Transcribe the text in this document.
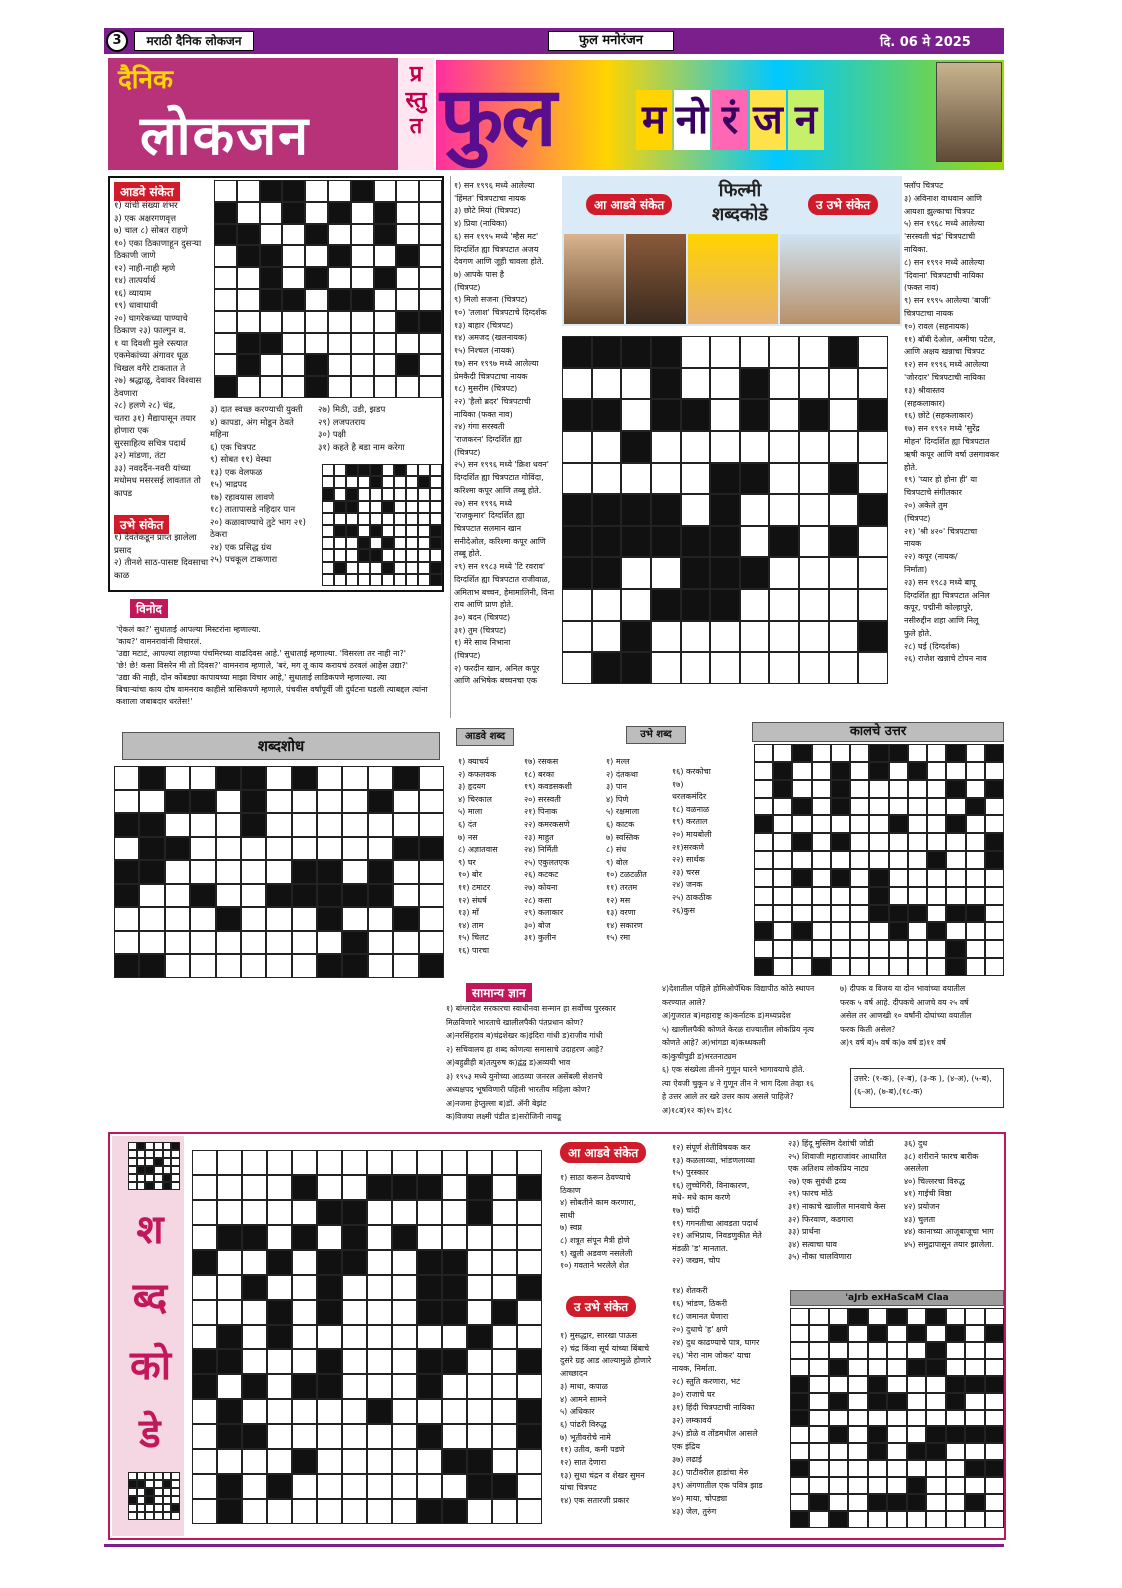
3	मराठी दैनिक लोकजन	फुल मनोरंजन	दि. 06 मे 2025
दैनिक
लोकजन
प्र
स्तु
त फुल म नो रं ज न
आडवे संकेत
१) यांची संख्या शंभर
३) एक अक्षरगणवृत्त
७) चाल ८) सोबत राहणे
१०) एका ठिकाणाहून दुसऱ्या ठिकाणी जाणे
१२) नाही-नाही म्हणे
१४) तात्पर्यार्थ
१६) व्यायाम
१९) धावाधावी
२०) घागरेकच्या पाण्याचे ठिकाण २३) फाल्गुन व.
१ या दिवशी मुले रस्त्यात एकमेकांच्या अंगावर धूळ चिखल वगैरे टाकतात ते
२७) श्रद्धाळू, देवावर विश्वास ठेवणारा
२८) हलणे २८) चंद्र,
चतरा ३१) मैद्यापासून तयार होणारा एक
सुरसाहित्य सचित्र पदार्थ
३२) मांडणा, तंटा
३३) नवदर्दैन-नवरी यांच्या मधोमध मसरसई लावतात तो कापड
उभे संकेत
१) देवतेकडून प्राप्त झालेला प्रसाद
२) तीनशे साठ-पासष्ट दिवसाचा काळ
३) दात स्वच्छ करण्याची युक्ती
४) कापडा, अंग मोडून ठेवते
महिना
६) एक चित्रपट
९) सोबत ११) वेस्था
१३) एक वेलफळ
१५) भाद्रपद
१७) रहावयास लावणे
१८) तातापासडे नहिदार पान
२०) कळावाण्याचे तुटे भाग २१)
ठेकरा
२४) एक प्रसिद्ध ग्रंथ
२५) पचकूल टाकणारा
२७) मिठी, उडी, झडप
२९) लजपतराय
३०) पक्षी
३१) कहते है बडा नाम करेगा
विनोद
'ऐकलं का?' सुधाताई आपल्या मिस्टरांना म्हणाल्या.
'काय?' वामनरावांनी विचारलं.
'उद्या मटाटं, आपल्या लहाण्या पंचमिरच्या वाढदिवस आहे.' सुधाताई म्हणाल्या. 'विसरला तर नाही ना?'
'छे! छे! कसा विसरेन मी तो दिवस?' वामनराव म्हणाले, 'बरं, मग तू काय करायचं ठरवलं आहेस उद्या?'
'उद्या की नाही, दोन कोंबड्या कापायच्या माझा विचार आहे,' सुधाताई लाडिकपणे म्हणाल्या. त्या
बिचाऱ्यांचा काय दोष वामनराव काहीसे त्रासिकपणे म्हणाले, पंचवीस वर्षांपूर्वी जी दुर्घटना घडली त्याबद्दल त्यांना
कशाला जबाबदार धरतेस!'
१) सन १९९६ मध्ये आलेल्या
'हिंमत' चित्रपटाचा नायक
३) छोटे मियां (चित्रपट)
४) प्रिया (नायिका)
६) सन १९९५ मध्ये 'म्हैस मट'
दिग्दर्शित ह्या चित्रपटात अजय
देवगण आणि जूही चावला होते.
७) आपके पास है
(चित्रपट)
९) मिलो सजना (चित्रपट)
१०) 'तलाश' चित्रपटाचे दिग्दर्शक
१३) बाहार (चित्रपट)
१४) अमजद (खलनायक)
१५) निश्चल (नायक)
१७) सन १९९७ मध्ये आलेल्या
प्रेमकैदी चित्रपटाचा नायक
१८) मुसरीम (चित्रपट)
२२) 'हैलो ब्रदर' चित्रपटाची
नायिका (फक्त नाव)
२४) गंगा सरस्वती
'राजकरन' दिग्दर्शित ह्या
(चित्रपट)
२५) सन १९९६ मध्ये 'क्रिश धवन'
दिग्दर्शित ह्या चित्रपटात गोविंदा,
करिश्मा कपूर आणि तब्बू होते.
२७) सन १९९६ मध्ये
'राजकुमार' दिग्दर्शित ह्या
चित्रपटात सलमान खान
सनीदेओल, करिश्मा कपूर आणि
तब्बू होते.
२९) सन १९८३ मध्ये 'टि रवराव'
दिग्दर्शित ह्या चित्रपटात राजीवाळ,
अमिताभ बच्चन, हेमामालिनी, विना
राय आणि प्राण होते.
३०) बदन (चित्रपट)
३१) तुम (चित्रपट)
१) मेरे साथ निभाना
(चित्रपट)
२) फरदीन खान, अनिल कपूर
आणि अभिषेक बच्चनचा एक
फ्लॉप चित्रपट
३) अविनाश वाधवान आणि
आयशा झुल्काचा चित्रपट
५) सन १९६८ मध्ये आलेल्या
'सरस्वती चंद्र' चित्रपटाची
नायिका.
८) सन १९९२ मध्ये आलेल्या
'दिवाना' चित्रपटाची नायिका
(फक्त नाव)
९) सन १९९५ आलेल्या 'बाजी'
चित्रपटाचा नायक
१०) रावल (सहनायक)
११) बॉबी देओल, अमीषा पटेल,
आणि अक्षय खन्नाचा चित्रपट
१२) सन १९९६ मध्ये आलेल्या
'जोरदार' चित्रपटाची नायिका
१३) श्रीवास्तव
(सहकलाकार)
१६) छोटे (सहकलाकार)
१७) सन १९९२ मध्ये 'सुरेंद्र
मोहन' दिग्दर्शित ह्या चित्रपटात
ऋषी कपूर आणि वर्षा उसगावकर
होते.
१९) 'प्यार हो होना ही' या
चित्रपटाचे संगीतकार
२०) अकेले तुम
(चित्रपट)
२१) 'श्री ४२०' चित्रपटाचा
नायक
२२) कपूर (नायक/
निर्माता)
२३) सन १९८३ मध्ये बापू
दिग्दर्शित ह्या चित्रपटात अनिल
कपूर, पद्मीनी कोल्हापुरे,
नसीरुद्दीन शहा आणि निलू
फुले होते.
२८) घई (दिग्दर्शक)
२६) राजेश खन्नाचे टोपन नाव
फिल्मी शब्दकोडे
आ आडवे संकेत	उ उभे संकेत
शब्दशोध
आडवे शब्द	उभे शब्द
१) क्याचर्य
२) कफलवक
३) हृदयग
४) चिरकाल
५) माला
६) दंत
७) नस
८) अज्ञातवास
९) घर
१०) बोर
११) टमाटर
१२) संघर्ष
१३) माँ
१४) ताम
१५) चिलट
१६) पारचा
१७) रसकस
१८) बरका
१९) कवडसकशी
२०) सरस्वती
२१) पिनाक
२२) कमरकसणे
२३) माहुत
२४) निर्मिती
२५) एकुलतएक
२६) कटकट
२७) कोयना
२८) कसा
२९) कलाकार
३०) बोज
३१) कुलीन
१) मल्ल
२) दंतकथा
३) पान
४) पिणे
५) रक्षमाला
६) काटक
७) स्वस्तिक
८) संध
९) बोल
१०) टळटळीत
११) तरतम
१२) मस
१३) वरणा
१४) सकारण
१५) रमा
१६) करकोचा
१७)
धरलकमंदिर
१८) वळनाळ
१९) करताल
२०) मायबोली
२१)सरकणे
२२) सार्थक
२३) चरस
२४) जनक
२५) ठाकठीक
२६)कुस
कालचे उत्तर
सामान्य ज्ञान
१) बांग्लादेश सरकारचा स्वाधीनवा सन्मान हा सर्वोच्च पुरस्कार
मिळविणारे भारताचे खालीलपैकी पंतप्रधान कोण?
अ)नरसिंहराव ब)चंद्रशेखर क)इंदिरा गांधी ड)राजीव गांधी
२) सचिवालय हा शब्द कोणत्या समासाचे उदाहरण आहे?
अ)बहुव्रीही ब)तत्पुरुष क)द्वंद्व ड)अव्ययी भाव
३) १९५३ मध्ये युनोच्या आठव्या जनरल असेंबली सेशनचे
अध्यक्षपद भूषविणारी पहिली भारतीय महिला कोण?
अ)नजमा हेप्तुल्ला ब)डॉ. ॲनी बेझंट
क)विजया लक्ष्मी पंडीत ड)सरोजिनी नायडू
४)देशातील पहिले होमिओपॅथिक विद्यापीठ कोठे स्थापन
करण्यात आले?
अ)गुजरात ब)महाराष्ट्र क)कर्नाटक ड)मध्यप्रदेश
५) खालीलपैकी कोणते केरळ राज्यातील लोकप्रिय नृत्य
कोणते आहे? अ)भांगडा ब)कथ्थकली
क)कुचीपुडी ड)भरतनाट्यम
६) एक संख्येला तीनने गुणून घारने भागावयाचे होते.
त्या ऐवजी चुकून ४ ने गुणून तीन ने भाग दिला तेव्हा १६
हे उत्तर आले तर खरे उत्तर काय असले पाहिजे?
अ)१८ब)१२ क)१५ ड)९८
७) दीपक व विजय या दोन भावांच्या वयातील
फरक ५ वर्ष आहे. दीपकचे आजचे वय २५ वर्ष
असेल तर आणखी १० वर्षांनी दोघांच्या वयातील
फरक किती असेल?
अ)९ वर्ष ब)५ वर्ष क)७ वर्ष ड)११ वर्ष
उत्तरे: (१-क), (२-ब), (३-क ), (४-अ), (५-ब), (६-अ), (७-ब),(१८-क)
श
ब्द
को
डे
आ आडवे संकेत
१) साठा करून ठेवण्याचे
ठिकाण
४) सोबतीने काम करणारा,
साथी
७) स्वप्न
८) शत्रूत संपून मैत्री होणे
९) खुली अडवण नसलेली
१०) गवताने भरलेले शेत
१२) संपूर्ण शेतीविषयक कर
१३) कळलाव्या, भांडणलाव्या
१५) पुरस्कार
१६) लुच्चेगिरी, विनाकारण,
मधे- मधे काम करणे
१७) चांदी
१९) गगनतीचा आवडता पदार्थ
२१) अभिप्राय, निवडणुकीत मेते
मंडळी 'ड' मानतात.
२२) जखम, चोप
२३) हिंदू मुस्लिम देशांची जोडी
२५) शिवाजी महाराजांवर आधारित
एक अतिशय लोकप्रिय नाट्य
२७) एक सुवंधी द्रव्य
२९) फारच मोठे
३१) नाकाचे खालील मानवाचे केस
३२) फिरवाण, कडगारा
३३) प्रार्थना
३४) सत्वाचा घाव
३५) नौका चालविणारा
३६) दुध
३८) शरीराने फारच बारीक
असलेला
४०) चिल्लरचा विरुद्ध
४१) गाईची विष्ठा
४२) प्रयोजन
४३) चुलता
४४) कानाच्या आजूबाजूचा भाग
४५) समुद्रापासून तयार झालेला.
उ उभे संकेत
१) मुसद्धार, सारखा पाऊस
२) चंद्र किंवा सूर्य यांच्या बिंबाचे
दुसरे ग्रह आड आल्यामुळे होणारे
आच्छादन
३) माथा, कपाळ
४) आमने सामने
५) अधिकार
६) पांढरी विरुद्ध
७) भूतीवरोचे नामे
११) उतीव, कमी पडणे
१२) सात देणारा
१३) सुधा चंद्रन व शेखर सुमन
यांचा चित्रपट
१४) एक सतारजी प्रकार
१४) शेतकरी
१६) भांडण, ठिकरी
१८) जमानत घेणारा
२०) दुधाचे 'ह' क्षणे
२४) दुध काढण्याचे पात्र, घागर
२६) 'मेरा नाम जोकर' याचा
नायक, निर्माता.
२८) स्तुति करणारा, भट
३०) राजाचे घर
३१) हिंदी चित्रपटाची नायिका
३२) लम्कावर्य
३५) डोळे व तोंडमधील आसले
एक इंद्रिय
३७) लढाई
३८) पाटीवरील हाडांचा मेरु
३९) अंगणातील एक पवित्र झाड
४०) माया, चोपड्या
४३) जेल, तुरुंग
'aJrb exHaScaM Claa
